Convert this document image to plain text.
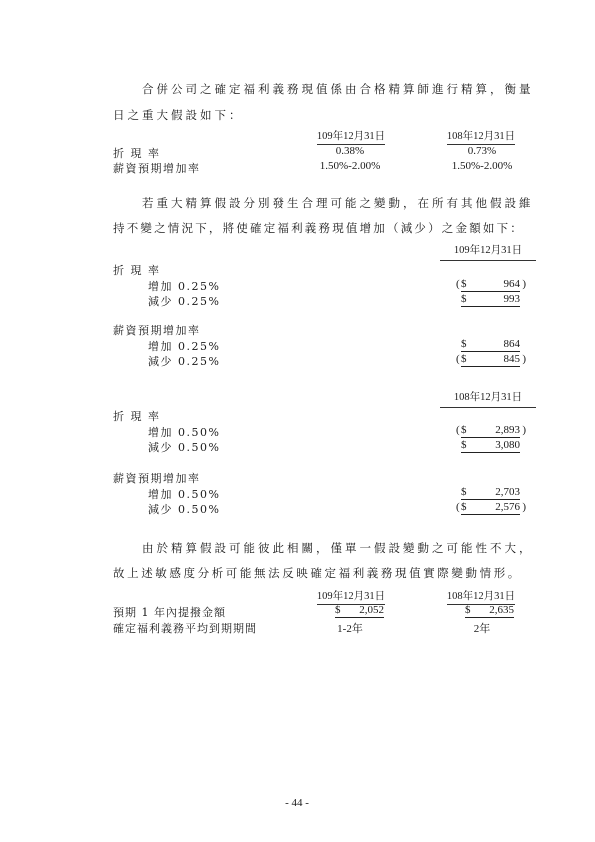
合併公司之確定福利義務現值係由合格精算師進行精算，衡量
日之重大假設如下：
109年12月31日	108年12月31日
折 現 率	0.38%	0.73%
薪資預期增加率	1.50%-2.00%	1.50%-2.00%
若重大精算假設分別發生合理可能之變動，在所有其他假設維
持不變之情況下，將使確定福利義務現值增加（減少）之金額如下：
109年12月31日
折 現 率
增加 0.25%	( $	964 )
減少 0.25%	$	993
薪資預期增加率
增加 0.25%	$	864
減少 0.25%	( $	845 )
108年12月31日
折 現 率
增加 0.50%	( $	2,893 )
減少 0.50%	$	3,080
薪資預期增加率
增加 0.50%	$	2,703
減少 0.50%	( $	2,576 )
由於精算假設可能彼此相關，僅單一假設變動之可能性不大，
故上述敏感度分析可能無法反映確定福利義務現值實際變動情形。
109年12月31日	108年12月31日
預期 1 年內提撥金額	$ 2,052	$ 2,635
確定福利義務平均到期期間	1-2年	2年
- 44 -
